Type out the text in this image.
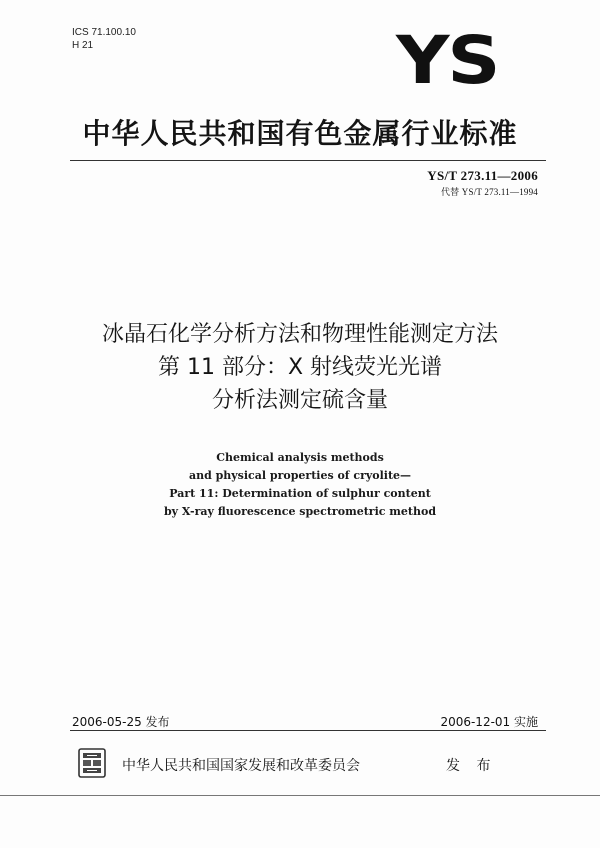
ICS 71.100.10
H 21	YS
中华人民共和国有色金属行业标准
YS/T 273.11—2006
代替 YS/T 273.11—1994
冰晶石化学分析方法和物理性能测定方法
第 11 部分：X 射线荧光光谱
分析法测定硫含量
Chemical analysis methods
and physical properties of cryolite—
Part 11: Determination of sulphur content
by X-ray fluorescence spectrometric method
2006-05-25 发布	2006-12-01 实施
中华人民共和国国家发展和改革委员会	发 布
